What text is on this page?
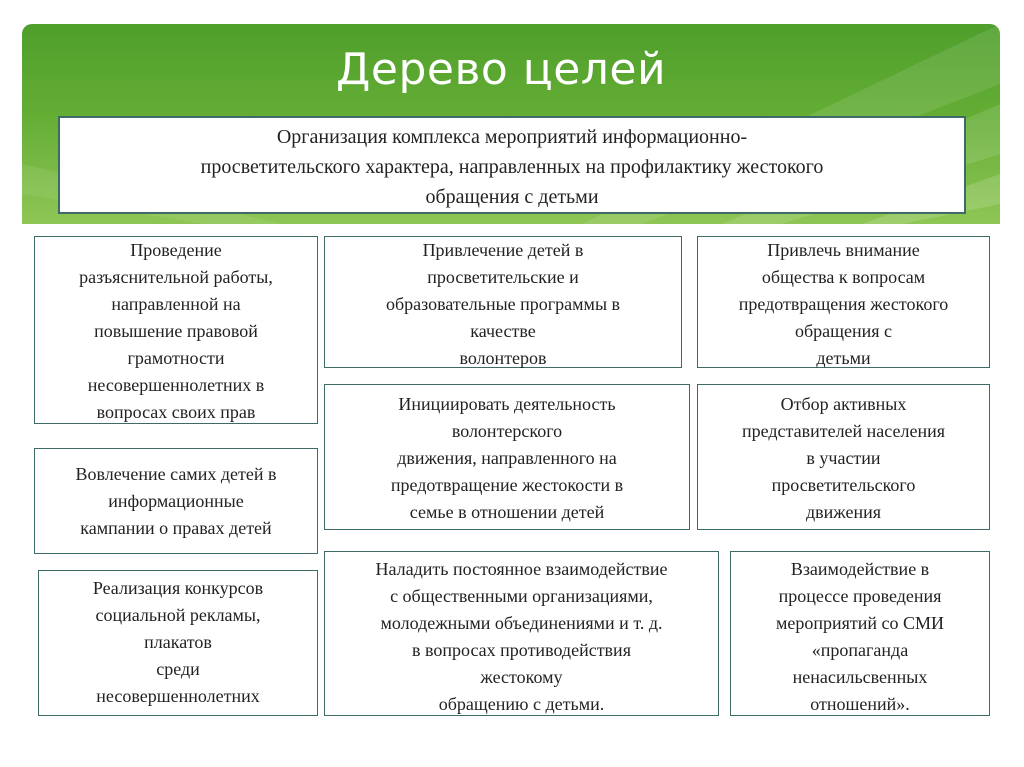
Дерево целей
Организация комплекса мероприятий информационно-
просветительского характера, направленных на профилактику жестокого
обращения с детьми
Проведение
разъяснительной работы,
направленной на
повышение правовой
грамотности
несовершеннолетних в
вопросах своих прав
Привлечение детей в
просветительские и
образовательные программы в
качестве
волонтеров
Привлечь внимание
общества к вопросам
предотвращения жестокого
обращения с
детьми
Инициировать деятельность
волонтерского
движения, направленного на
предотвращение жестокости в
семье в отношении детей
Отбор активных
представителей населения
в участии
просветительского
движения
Вовлечение самих детей в
информационные
кампании о правах детей
Реализация конкурсов
социальной рекламы,
плакатов
среди
несовершеннолетних
Наладить постоянное взаимодействие
с общественными организациями,
молодежными объединениями и т. д.
в вопросах противодействия
жестокому
обращению с детьми.
Взаимодействие в
процессе проведения
мероприятий со СМИ
«пропаганда
ненасильсвенных
отношений».
